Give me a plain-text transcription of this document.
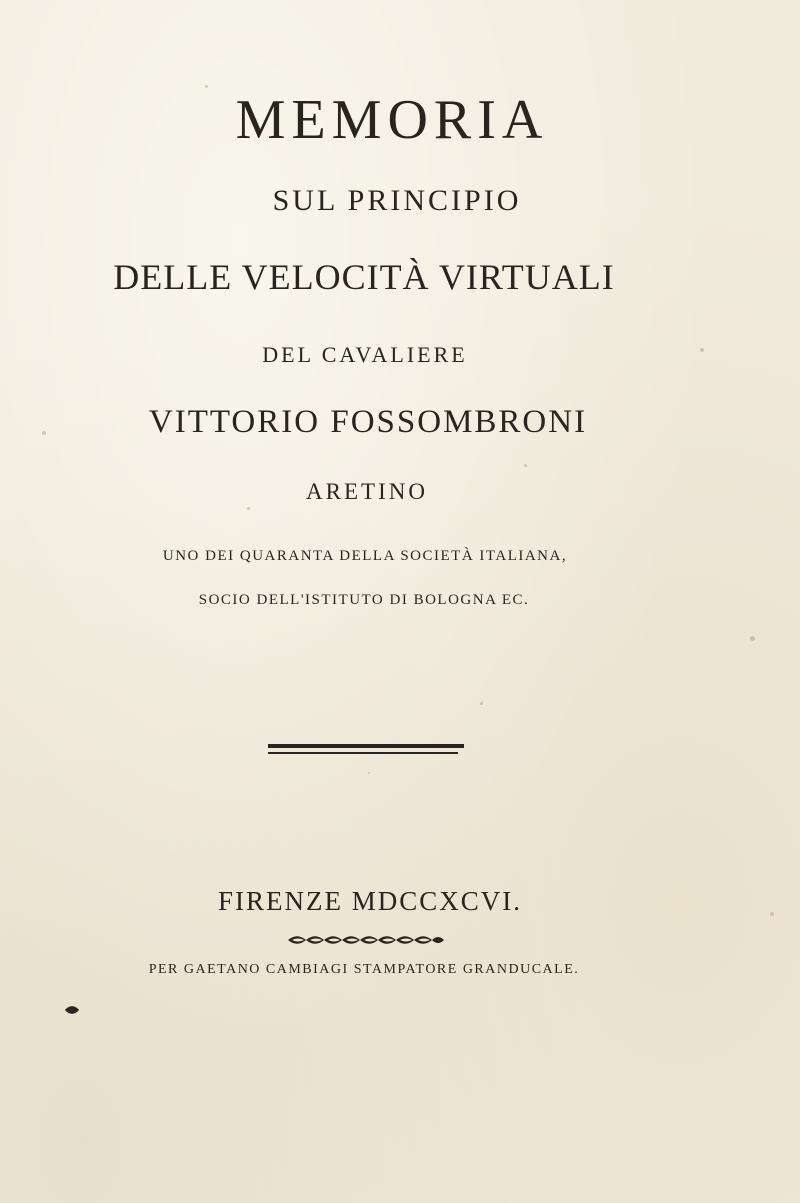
MEMORIA
SUL PRINCIPIO
DELLE VELOCITÀ VIRTUALI
DEL CAVALIERE
VITTORIO FOSSOMBRONI
ARETINO
UNO DEI QUARANTA DELLA SOCIETÀ ITALIANA,
SOCIO DELL'ISTITUTO DI BOLOGNA EC.
FIRENZE MDCCXCVI.
PER GAETANO CAMBIAGI STAMPATORE GRANDUCALE.
